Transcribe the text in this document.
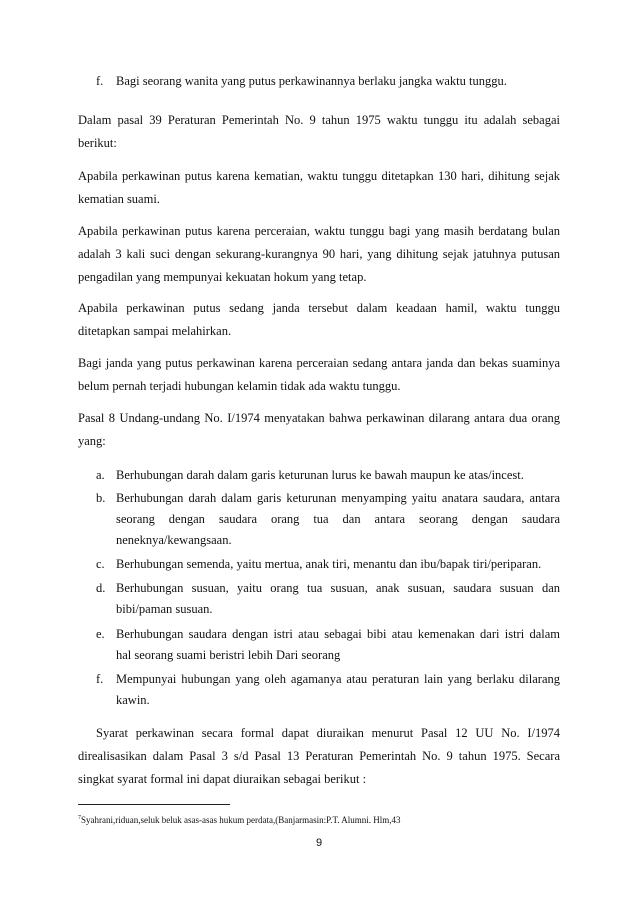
f. Bagi seorang wanita yang putus perkawinannya berlaku jangka waktu tunggu.
Dalam pasal 39 Peraturan Pemerintah No. 9 tahun 1975 waktu tunggu itu adalah sebagai
berikut:
Apabila perkawinan putus karena kematian, waktu tunggu ditetapkan 130 hari, dihitung sejak
kematian suami.
Apabila perkawinan putus karena perceraian, waktu tunggu bagi yang masih berdatang bulan
adalah 3 kali suci dengan sekurang-kurangnya 90 hari, yang dihitung sejak jatuhnya putusan
pengadilan yang mempunyai kekuatan hokum yang tetap.
Apabila perkawinan putus sedang janda tersebut dalam keadaan hamil, waktu tunggu
ditetapkan sampai melahirkan.
Bagi janda yang putus perkawinan karena perceraian sedang antara janda dan bekas suaminya
belum pernah terjadi hubungan kelamin tidak ada waktu tunggu.
Pasal 8 Undang-undang No. I/1974 menyatakan bahwa perkawinan dilarang antara dua orang
yang:
a. Berhubungan darah dalam garis keturunan lurus ke bawah maupun ke atas/incest.
b. Berhubungan darah dalam garis keturunan menyamping yaitu anatara saudara, antara
seorang dengan saudara orang tua dan antara seorang dengan saudara
neneknya/kewangsaan.
c. Berhubungan semenda, yaitu mertua, anak tiri, menantu dan ibu/bapak tiri/periparan.
d. Berhubungan susuan, yaitu orang tua susuan, anak susuan, saudara susuan dan
bibi/paman susuan.
e. Berhubungan saudara dengan istri atau sebagai bibi atau kemenakan dari istri dalam
hal seorang suami beristri lebih Dari seorang
f. Mempunyai hubungan yang oleh agamanya atau peraturan lain yang berlaku dilarang
kawin.
Syarat perkawinan secara formal dapat diuraikan menurut Pasal 12 UU No. I/1974
direalisasikan dalam Pasal 3 s/d Pasal 13 Peraturan Pemerintah No. 9 tahun 1975. Secara
singkat syarat formal ini dapat diuraikan sebagai berikut :
$^7$Syahrani,riduan,seluk beluk asas-asas hukum perdata,(Banjarmasin:P.T. Alumni. Hlm,43
9
